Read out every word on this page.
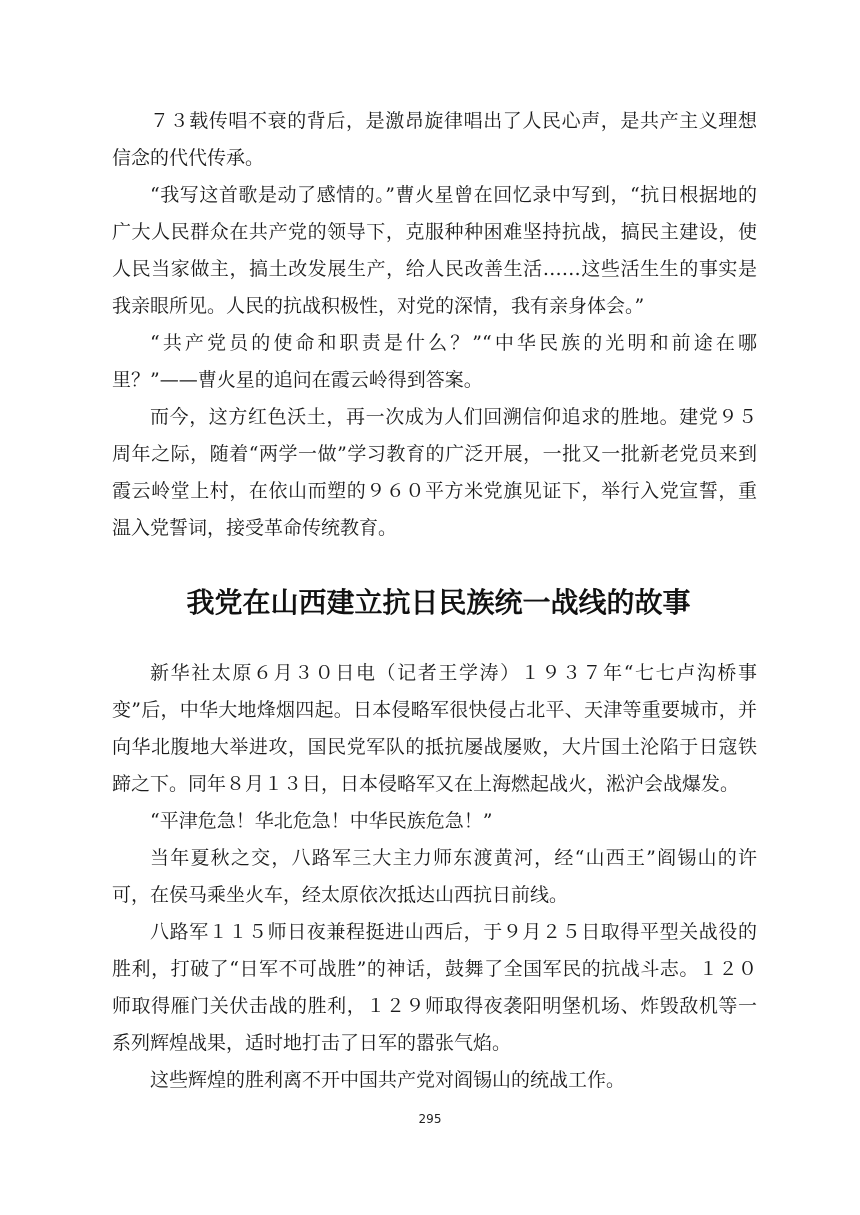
７３载传唱不衰的背后，是激昂旋律唱出了人民心声，是共产主义理想信念的代代传承。

“我写这首歌是动了感情的。”曹火星曾在回忆录中写到，“抗日根据地的广大人民群众在共产党的领导下，克服种种困难坚持抗战，搞民主建设，使人民当家做主，搞土改发展生产，给人民改善生活……这些活生生的事实是我亲眼所见。人民的抗战积极性，对党的深情，我有亲身体会。”

“共产党员的使命和职责是什么？”“中华民族的光明和前途在哪里？”——曹火星的追问在霞云岭得到答案。

而今，这方红色沃土，再一次成为人们回溯信仰追求的胜地。建党９５周年之际，随着“两学一做”学习教育的广泛开展，一批又一批新老党员来到霞云岭堂上村，在依山而塑的９６０平方米党旗见证下，举行入党宣誓，重温入党誓词，接受革命传统教育。

我党在山西建立抗日民族统一战线的故事

新华社太原６月３０日电（记者王学涛）１９３７年“七七卢沟桥事变”后，中华大地烽烟四起。日本侵略军很快侵占北平、天津等重要城市，并向华北腹地大举进攻，国民党军队的抵抗屡战屡败，大片国土沦陷于日寇铁蹄之下。同年８月１３日，日本侵略军又在上海燃起战火，淞沪会战爆发。

“平津危急！华北危急！中华民族危急！”

当年夏秋之交，八路军三大主力师东渡黄河，经“山西王”阎锡山的许可，在侯马乘坐火车，经太原依次抵达山西抗日前线。

八路军１１５师日夜兼程挺进山西后，于９月２５日取得平型关战役的胜利，打破了“日军不可战胜”的神话，鼓舞了全国军民的抗战斗志。１２０师取得雁门关伏击战的胜利，１２９师取得夜袭阳明堡机场、炸毁敌机等一系列辉煌战果，适时地打击了日军的嚣张气焰。

这些辉煌的胜利离不开中国共产党对阎锡山的统战工作。

295
